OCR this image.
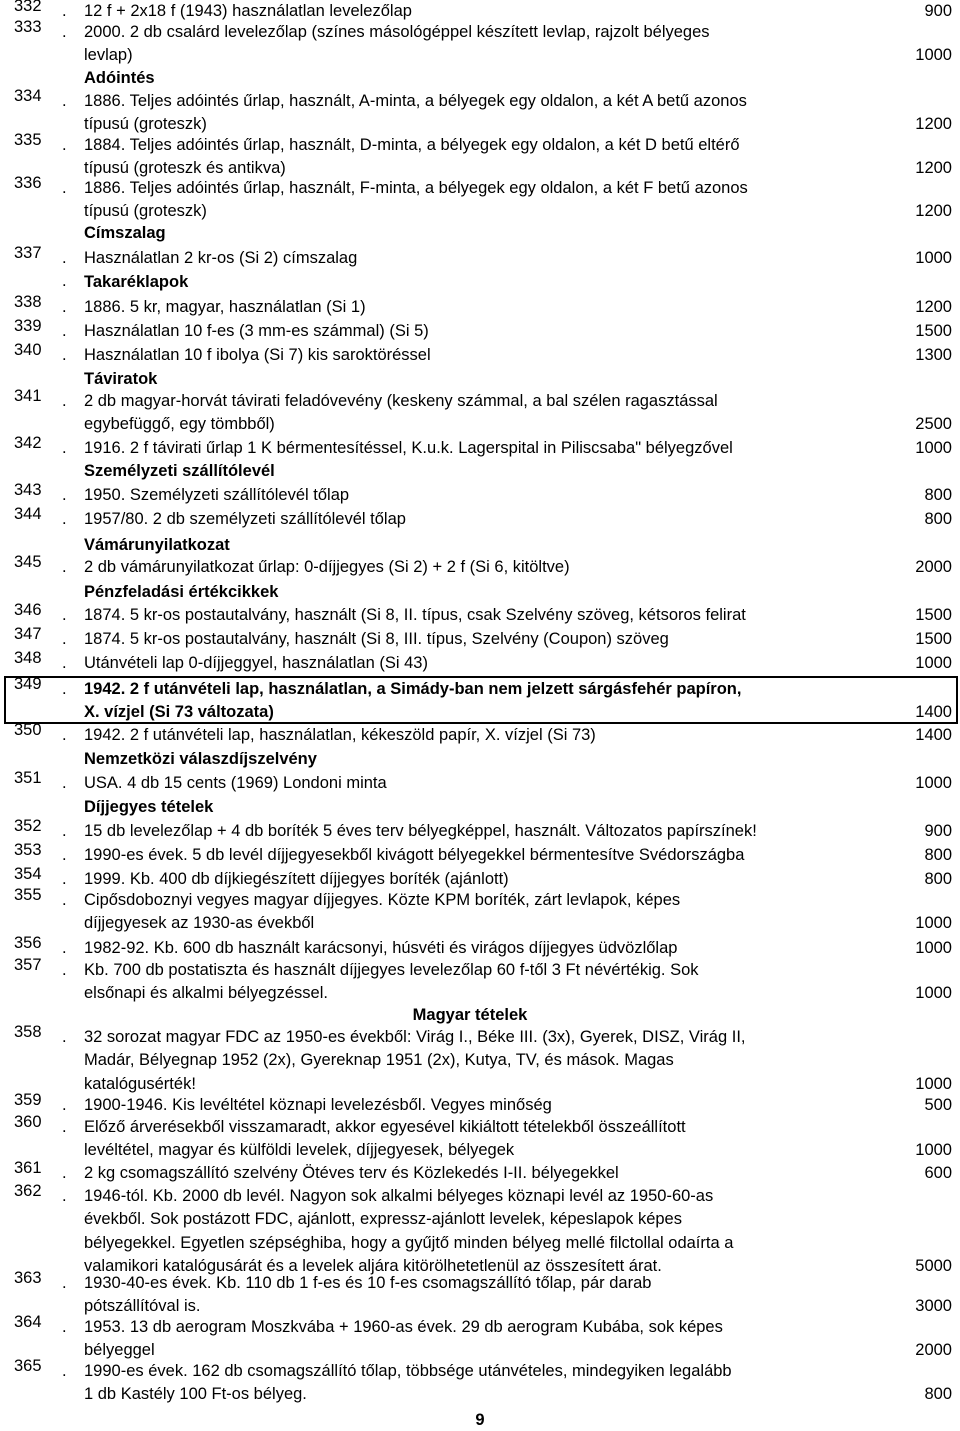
Adóintés
Címszalag
. Takaréklapok
Táviratok
Személyzeti szállítólevél
Vámárunyilatkozat
Pénzfeladási értékcikkek
Nemzetközi válaszdíjszelvény
Díjjegyes tételek
Magyar tételek
332	. 12 f + 2x18 f (1943) használatlan levelezőlap	900
333	. 2000. 2 db csalárd levelezőlap (színes másológéppel készített levlap, rajzolt bélyeges
levlap)	1000
334	. 1886. Teljes adóintés űrlap, használt, A-minta, a bélyegek egy oldalon, a két A betű azonos
típusú (groteszk)	1200
335	. 1884. Teljes adóintés űrlap, használt, D-minta, a bélyegek egy oldalon, a két D betű eltérő
típusú (groteszk és antikva)	1200
336	. 1886. Teljes adóintés űrlap, használt, F-minta, a bélyegek egy oldalon, a két F betű azonos
típusú (groteszk)	1200
337	. Használatlan 2 kr-os (Si 2) címszalag	1000
338	. 1886. 5 kr, magyar, használatlan (Si 1)	1200
339	. Használatlan 10 f-es (3 mm-es számmal) (Si 5)	1500
340	. Használatlan 10 f ibolya (Si 7) kis saroktöréssel	1300
341	. 2 db magyar-horvát távirati feladóvevény (keskeny számmal, a bal szélen ragasztással
egybefüggő, egy tömbből)	2500
342	. 1916. 2 f távirati űrlap 1 K bérmentesítéssel, K.u.k. Lagerspital in Piliscsaba" bélyegzővel	1000
343	. 1950. Személyzeti szállítólevél tőlap	800
344	. 1957/80. 2 db személyzeti szállítólevél tőlap	800
345	. 2 db vámárunyilatkozat űrlap: 0-díjjegyes (Si 2) + 2 f (Si 6, kitöltve)	2000
346	. 1874. 5 kr-os postautalvány, használt (Si 8, II. típus, csak Szelvény szöveg, kétsoros felirat	1500
347	. 1874. 5 kr-os postautalvány, használt (Si 8, III. típus, Szelvény (Coupon) szöveg	1500
348	. Utánvételi lap 0-díjjeggyel, használatlan (Si 43)	1000
349	. 1942. 2 f utánvételi lap, használatlan, a Simády-ban nem jelzett sárgásfehér papíron,
X. vízjel (Si 73 változata)	1400
350	. 1942. 2 f utánvételi lap, használatlan, kékeszöld papír, X. vízjel (Si 73)	1400
351	. USA. 4 db 15 cents (1969) Londoni minta	1000
352	. 15 db levelezőlap + 4 db boríték 5 éves terv bélyegképpel, használt. Változatos papírszínek!	900
353	. 1990-es évek. 5 db levél díjjegyesekből kivágott bélyegekkel bérmentesítve Svédországba	800
354	. 1999. Kb. 400 db díjkiegészített díjjegyes boríték (ajánlott)	800
355	. Cipősdoboznyi vegyes magyar díjjegyes. Közte KPM boríték, zárt levlapok, képes
díjjegyesek az 1930-as évekből	1000
356	. 1982-92. Kb. 600 db használt karácsonyi, húsvéti és virágos díjjegyes üdvözlőlap	1000
357	. Kb. 700 db postatiszta és használt díjjegyes levelezőlap 60 f-től 3 Ft névértékig. Sok
elsőnapi és alkalmi bélyegzéssel.	1000
358	. 32 sorozat magyar FDC az 1950-es évekből: Virág I., Béke III. (3x), Gyerek, DISZ, Virág II,
Madár, Bélyegnap 1952 (2x), Gyereknap 1951 (2x), Kutya, TV, és mások. Magas
katalógusérték!	1000
359	. 1900-1946. Kis levéltétel köznapi levelezésből. Vegyes minőség	500
360	. Előző árverésekből visszamaradt, akkor egyesével kikiáltott tételekből összeállított
levéltétel, magyar és külföldi levelek, díjjegyesek, bélyegek	1000
361	. 2 kg csomagszállító szelvény Ötéves terv és Közlekedés I-II. bélyegekkel	600
362	. 1946-tól. Kb. 2000 db levél. Nagyon sok alkalmi bélyeges köznapi levél az 1950-60-as
évekből. Sok postázott FDC, ajánlott, expressz-ajánlott levelek, képeslapok képes
bélyegekkel. Egyetlen szépséghiba, hogy a gyűjtő minden bélyeg mellé filctollal odaírta a
valamikori katalógusárát és a levelek aljára kitörölhetetlenül az összesített árat.	5000
363	. 1930-40-es évek. Kb. 110 db 1 f-es és 10 f-es csomagszállító tőlap, pár darab
pótszállítóval is.	3000
364	. 1953. 13 db aerogram Moszkvába + 1960-as évek. 29 db aerogram Kubába, sok képes
bélyeggel	2000
365	. 1990-es évek. 162 db csomagszállító tőlap, többsége utánvételes, mindegyiken legalább
1 db Kastély 100 Ft-os bélyeg.	800
9
